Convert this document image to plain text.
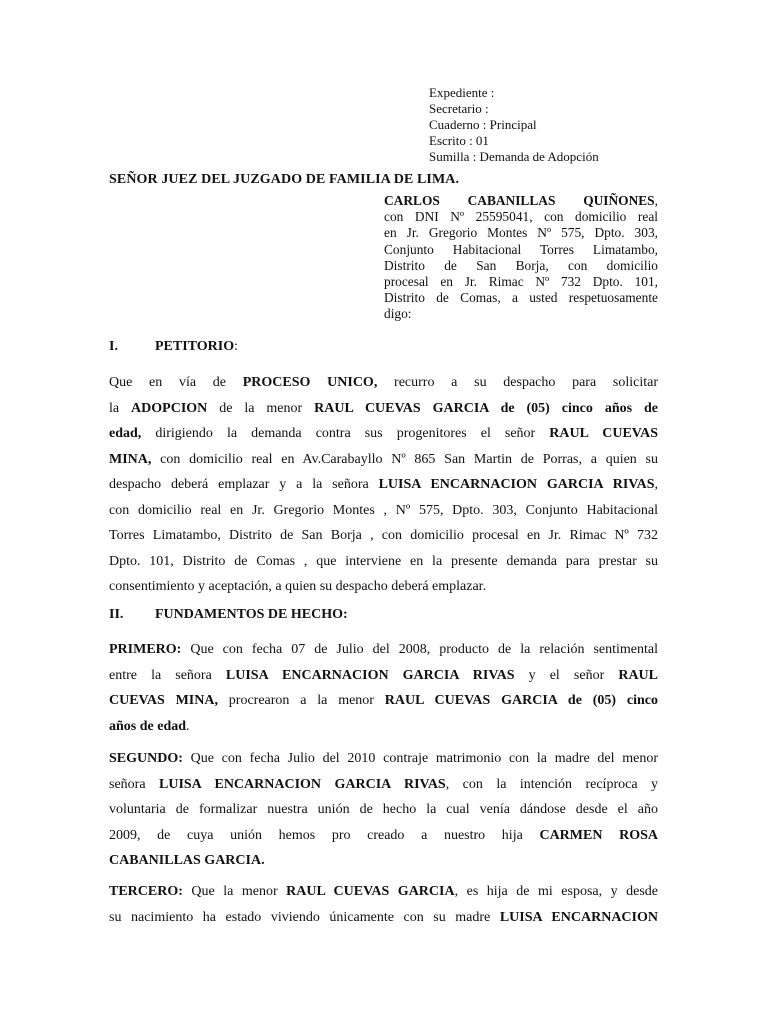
Expediente :
Secretario :
Cuaderno : Principal
Escrito : 01
Sumilla : Demanda de Adopción
SEÑOR JUEZ DEL JUZGADO DE FAMILIA DE LIMA.
CARLOS CABANILLAS QUIÑONES,
con DNI Nº 25595041, con domicilio real
en Jr. Gregorio Montes Nº 575, Dpto. 303,
Conjunto Habitacional Torres Limatambo,
Distrito de San Borja, con domicilio
procesal en Jr. Rimac Nº 732 Dpto. 101,
Distrito de Comas, a usted respetuosamente
digo:
I.	PETITORIO:
Que en vía de PROCESO UNICO, recurro a su despacho para solicitar
la ADOPCION de la menor RAUL CUEVAS GARCIA de (05) cinco años de
edad, dirigiendo la demanda contra sus progenitores el señor RAUL CUEVAS
MINA, con domicilio real en Av.Carabayllo Nº 865 San Martin de Porras, a quien su
despacho deberá emplazar y a la señora LUISA ENCARNACION GARCIA RIVAS,
con domicilio real en Jr. Gregorio Montes , Nº 575, Dpto. 303, Conjunto Habitacional
Torres Limatambo, Distrito de San Borja , con domicilio procesal en Jr. Rimac Nº 732
Dpto. 101, Distrito de Comas , que interviene en la presente demanda para prestar su
consentimiento y aceptación, a quien su despacho deberá emplazar.
II. FUNDAMENTOS DE HECHO:
PRIMERO: Que con fecha 07 de Julio del 2008, producto de la relación sentimental
entre la señora LUISA ENCARNACION GARCIA RIVAS y el señor RAUL
CUEVAS MINA, procrearon a la menor RAUL CUEVAS GARCIA de (05) cinco
años de edad.
SEGUNDO: Que con fecha Julio del 2010 contraje matrimonio con la madre del menor
señora LUISA ENCARNACION GARCIA RIVAS, con la intención recíproca y
voluntaria de formalizar nuestra unión de hecho la cual venía dándose desde el año
2009, de cuya unión hemos pro creado a nuestro hija CARMEN ROSA
CABANILLAS GARCIA.
TERCERO: Que la menor RAUL CUEVAS GARCIA, es hija de mi esposa, y desde
su nacimiento ha estado viviendo únicamente con su madre LUISA ENCARNACION
